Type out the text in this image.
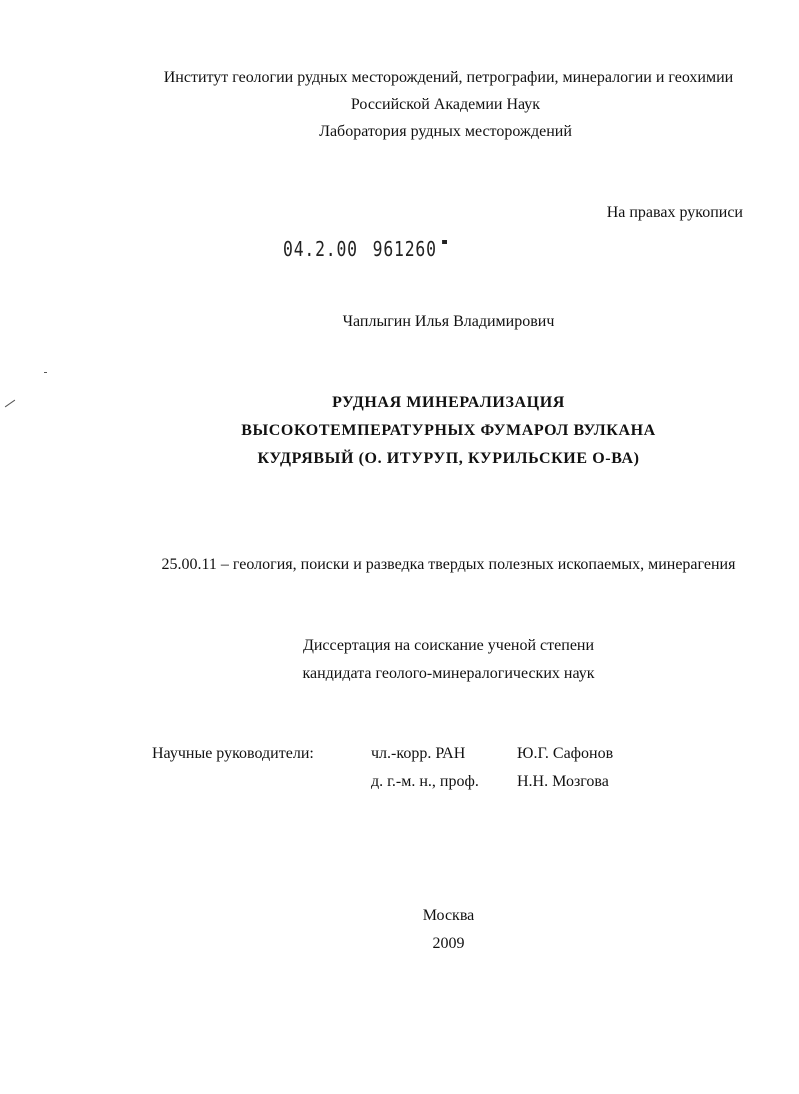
Институт геологии рудных месторождений, петрографии, минералогии и геохимии
Российской Академии Наук
Лаборатория рудных месторождений
На правах рукописи
04.2.00 961260
Чаплыгин Илья Владимирович
РУДНАЯ МИНЕРАЛИЗАЦИЯ
ВЫСОКОТЕМПЕРАТУРНЫХ ФУМАРОЛ ВУЛКАНА
КУДРЯВЫЙ (О. ИТУРУП, КУРИЛЬСКИЕ О-ВА)
25.00.11 – геология, поиски и разведка твердых полезных ископаемых, минерагения
Диссертация на соискание ученой степени
кандидата геолого-минералогических наук
Научные руководители:	чл.-корр. РАН	Ю.Г. Сафонов
д. г.-м. н., проф. Н.Н. Мозгова
Москва
2009
